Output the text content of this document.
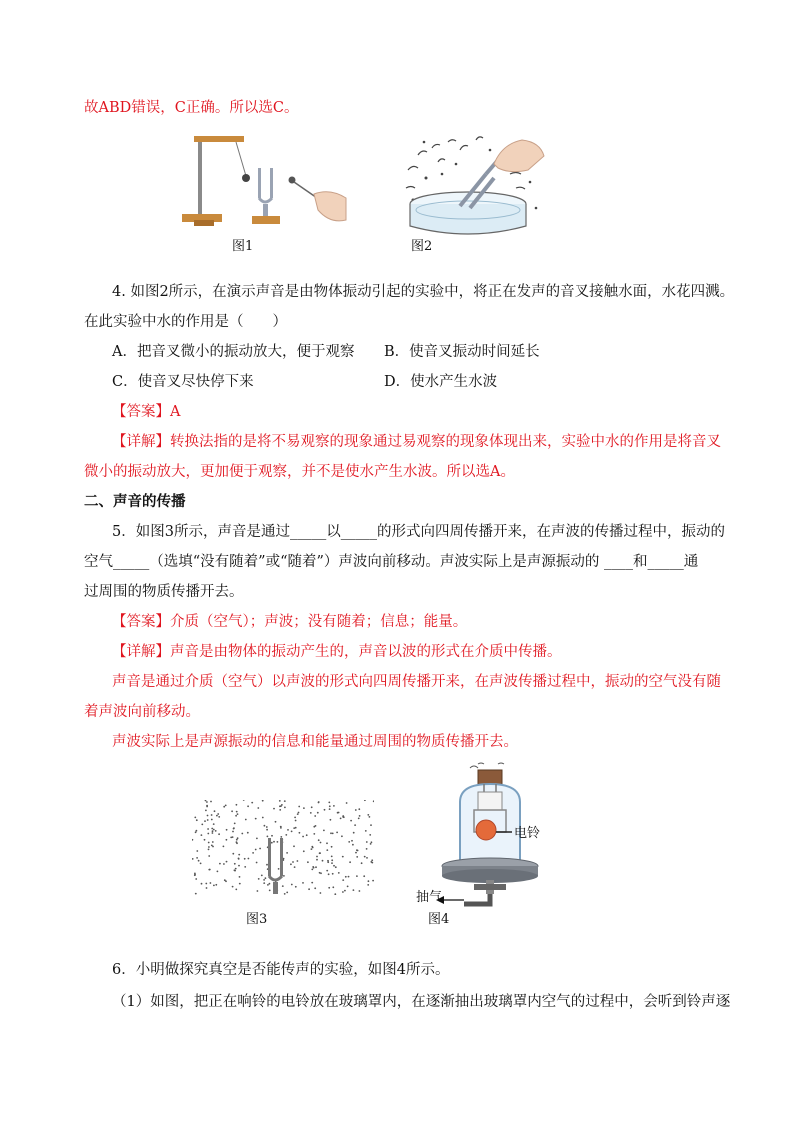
故ABD错误，C正确。所以选C。
图1	图2
4. 如图2所示，在演示声音是由物体振动引起的实验中，将正在发声的音叉接触水面，水花四溅。
在此实验中水的作用是（　　）
A．把音叉微小的振动放大，便于观察 B．使音叉振动时间延长
C．使音叉尽快停下来	D．使水产生水波
【答案】A
【详解】转换法指的是将不易观察的现象通过易观察的现象体现出来，实验中水的作用是将音叉
微小的振动放大，更加便于观察，并不是使水产生水波。所以选A。
二、声音的传播
5．如图3所示，声音是通过_____以_____的形式向四周传播开来，在声波的传播过程中，振动的
空气_____（选填“没有随着”或“随着”）声波向前移动。声波实际上是声源振动的 ____和_____通
过周围的物质传播开去。
【答案】介质（空气）；声波；没有随着；信息；能量。
【详解】声音是由物体的振动产生的，声音以波的形式在介质中传播。
声音是通过介质（空气）以声波的形式向四周传播开来，在声波传播过程中，振动的空气没有随
着声波向前移动。
声波实际上是声源振动的信息和能量通过周围的物质传播开去。
图3
电铃
抽气
图4
6．小明做探究真空是否能传声的实验，如图4所示。
（1）如图，把正在响铃的电铃放在玻璃罩内，在逐渐抽出玻璃罩内空气的过程中，会听到铃声逐
